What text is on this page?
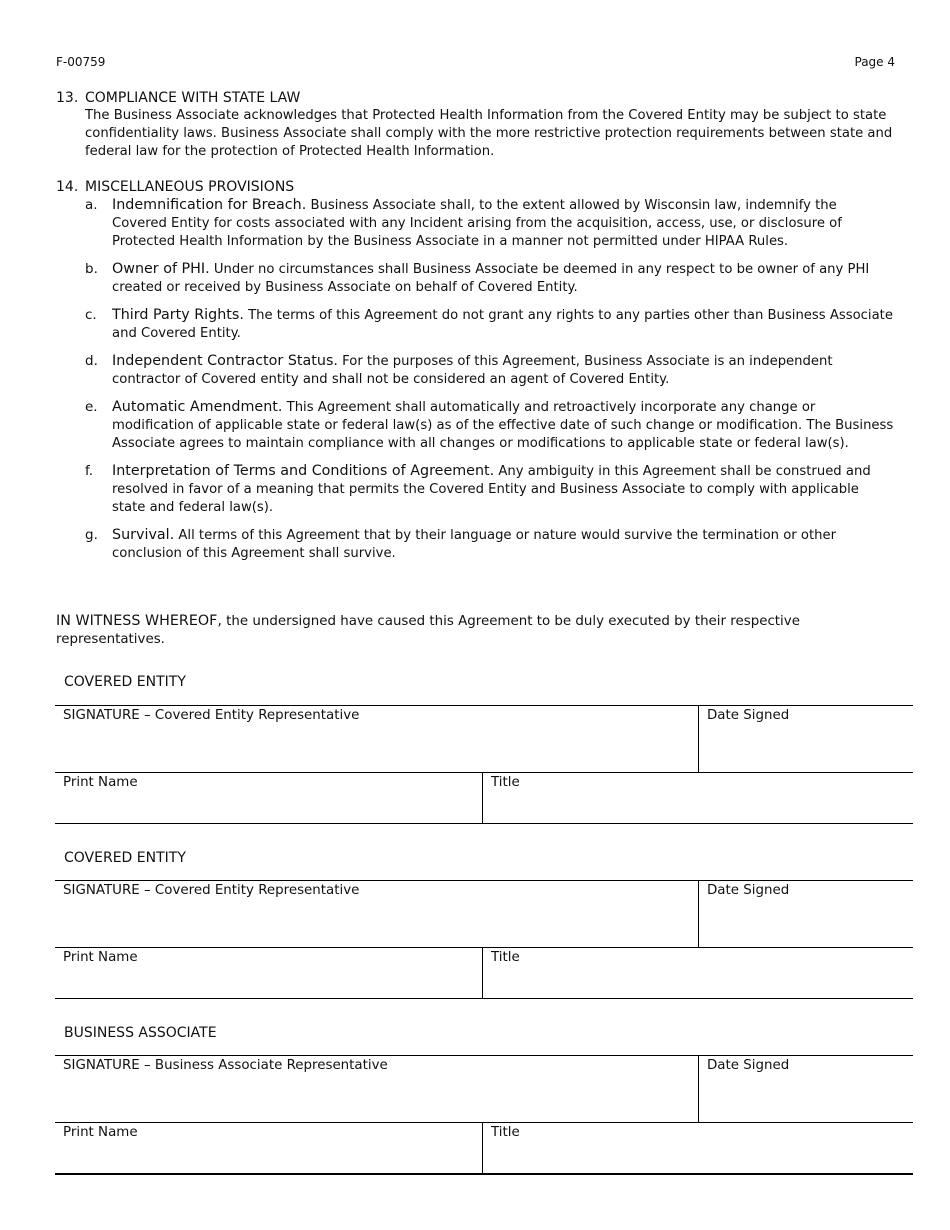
F-00759	Page 4
13. COMPLIANCE WITH STATE LAW
The Business Associate acknowledges that Protected Health Information from the Covered Entity may be subject to state confidentiality laws. Business Associate shall comply with the more restrictive protection requirements between state and federal law for the protection of Protected Health Information.
14. MISCELLANEOUS PROVISIONS
a.	Indemnification for Breach. Business Associate shall, to the extent allowed by Wisconsin law, indemnify the Covered Entity for costs associated with any Incident arising from the acquisition, access, use, or disclosure of Protected Health Information by the Business Associate in a manner not permitted under HIPAA Rules.
b. Owner of PHI. Under no circumstances shall Business Associate be deemed in any respect to be owner of any PHI created or received by Business Associate on behalf of Covered Entity.
c.	Third Party Rights. The terms of this Agreement do not grant any rights to any parties other than Business Associate and Covered Entity.
d. Independent Contractor Status. For the purposes of this Agreement, Business Associate is an independent contractor of Covered entity and shall not be considered an agent of Covered Entity.
e.	Automatic Amendment. This Agreement shall automatically and retroactively incorporate any change or modification of applicable state or federal law(s) as of the effective date of such change or modification. The Business Associate agrees to maintain compliance with all changes or modifications to applicable state or federal law(s).
f.	Interpretation of Terms and Conditions of Agreement. Any ambiguity in this Agreement shall be construed and resolved in favor of a meaning that permits the Covered Entity and Business Associate to comply with applicable state and federal law(s).
g. Survival. All terms of this Agreement that by their language or nature would survive the termination or other conclusion of this Agreement shall survive.
IN WITNESS WHEREOF, the undersigned have caused this Agreement to be duly executed by their respective representatives.
COVERED ENTITY
SIGNATURE – Covered Entity Representative	Date Signed
Print Name	Title
COVERED ENTITY
SIGNATURE – Covered Entity Representative	Date Signed
Print Name	Title
BUSINESS ASSOCIATE
SIGNATURE – Business Associate Representative	Date Signed
Print Name	Title
